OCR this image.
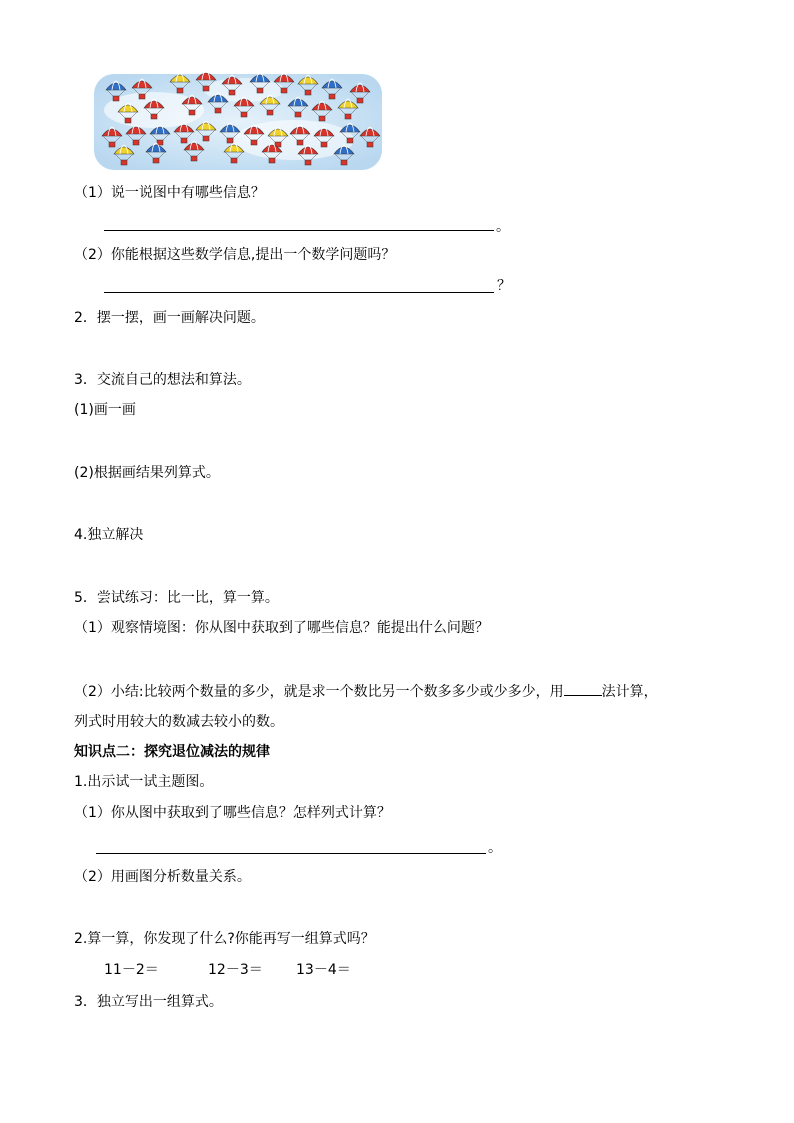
（1）说一说图中有哪些信息？
。
（2）你能根据这些数学信息,提出一个数学问题吗？
？
2．摆一摆，画一画解决问题。
3．交流自己的想法和算法。
(1)画一画
(2)根据画结果列算式。
4.独立解决
5．尝试练习：比一比，算一算。
（1）观察情境图：你从图中获取到了哪些信息？能提出什么问题？
（2）小结:比较两个数量的多少，就是求一个数比另一个数多多少或少多少，用	法计算，
列式时用较大的数减去较小的数。
知识点二：探究退位减法的规律
1.出示试一试主题图。
（1）你从图中获取到了哪些信息？怎样列式计算？
。
（2）用画图分析数量关系。
2.算一算，你发现了什么?你能再写一组算式吗？
11－2＝	12－3＝ 13－4＝
3．独立写出一组算式。
